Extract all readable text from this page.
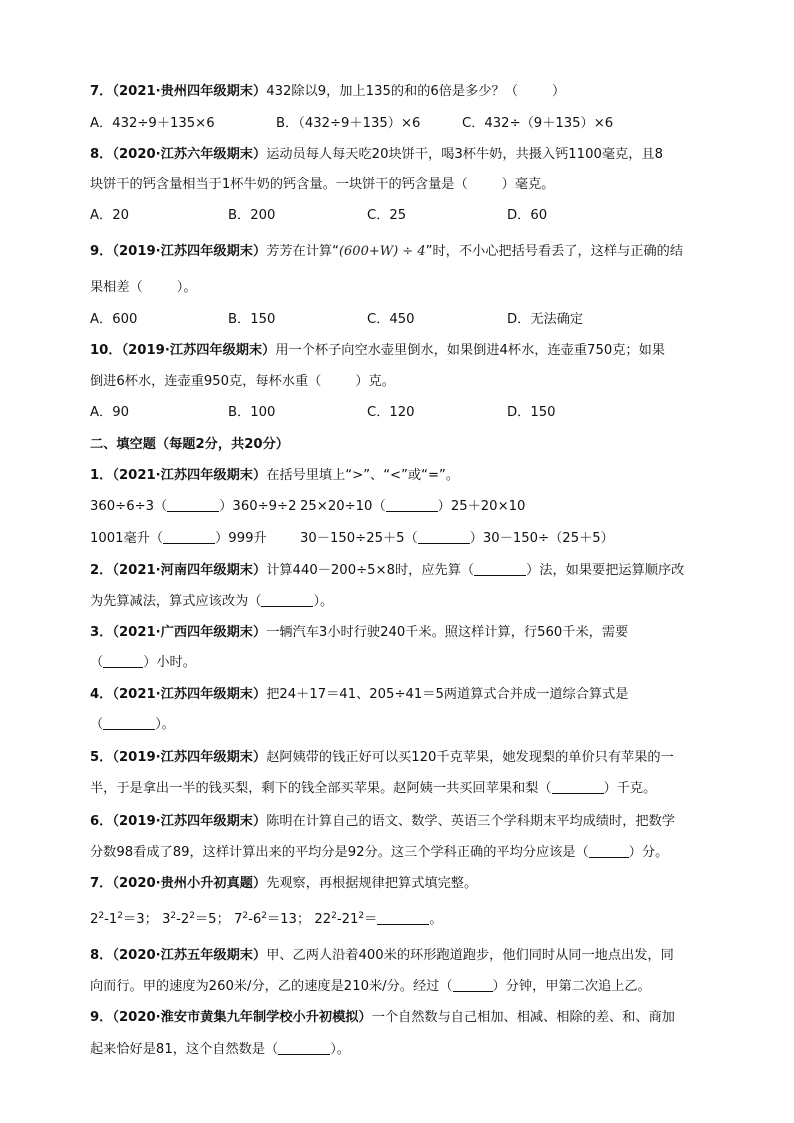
7．（2021·贵州四年级期末）432除以9，加上135的和的6倍是多少？（	）
A．432÷9＋135×6	B．（432÷9＋135）×6	C．432÷（9＋135）×6
8．（2020·江苏六年级期末）运动员每人每天吃20块饼干，喝3杯牛奶，共摄入钙1100毫克，且8
块饼干的钙含量相当于1杯牛奶的钙含量。一块饼干的钙含量是（	）毫克。
A．20	B．200	C．25	D．60
9．（2019·江苏四年级期末）芳芳在计算“(600+W) ÷ 4”时，不小心把括号看丢了，这样与正确的结
果相差（	）。
A．600	B．150	C．450	D．无法确定
10．（2019·江苏四年级期末）用一个杯子向空水壶里倒水，如果倒进4杯水，连壶重750克；如果
倒进6杯水，连壶重950克，每杯水重（	）克。
A．90	B．100	C．120	D．150
二、填空题（每题2分，共20分）
1．（2021·江苏四年级期末）在括号里填上“>”、“<”或“=”。
360÷6÷3（	）360÷9÷2 25×20÷10（	）25＋20×10
1001毫升（	）999升	30－150÷25＋5（	）30－150÷（25＋5）
2．（2021·河南四年级期末）计算440－200÷5×8时，应先算（	）法，如果要把运算顺序改
为先算减法，算式应该改为（	）。
3．（2021·广西四年级期末）一辆汽车3小时行驶240千米。照这样计算，行560千米，需要
（	）小时。
4．（2021·江苏四年级期末）把24＋17＝41、205÷41＝5两道算式合并成一道综合算式是
（	）。
5．（2019·江苏四年级期末）赵阿姨带的钱正好可以买120千克苹果，她发现梨的单价只有苹果的一
半，于是拿出一半的钱买梨，剩下的钱全部买苹果。赵阿姨一共买回苹果和梨（	）千克。
6．（2019·江苏四年级期末）陈明在计算自己的语文、数学、英语三个学科期末平均成绩时，把数学
分数98看成了89，这样计算出来的平均分是92分。这三个学科正确的平均分应该是（	）分。
7．（2020·贵州小升初真题）先观察，再根据规律把算式填完整。
$2^2-1^2=3$； $3^2-2^2=5$； $7^2-6^2=13$； $22^2-21^2=$	。
8．（2020·江苏五年级期末）甲、乙两人沿着400米的环形跑道跑步，他们同时从同一地点出发，同
向而行。甲的速度为260米/分，乙的速度是210米/分。经过（	）分钟，甲第二次追上乙。
9．（2020·淮安市黄集九年制学校小升初模拟）一个自然数与自己相加、相减、相除的差、和、商加
起来恰好是81，这个自然数是（	）。
